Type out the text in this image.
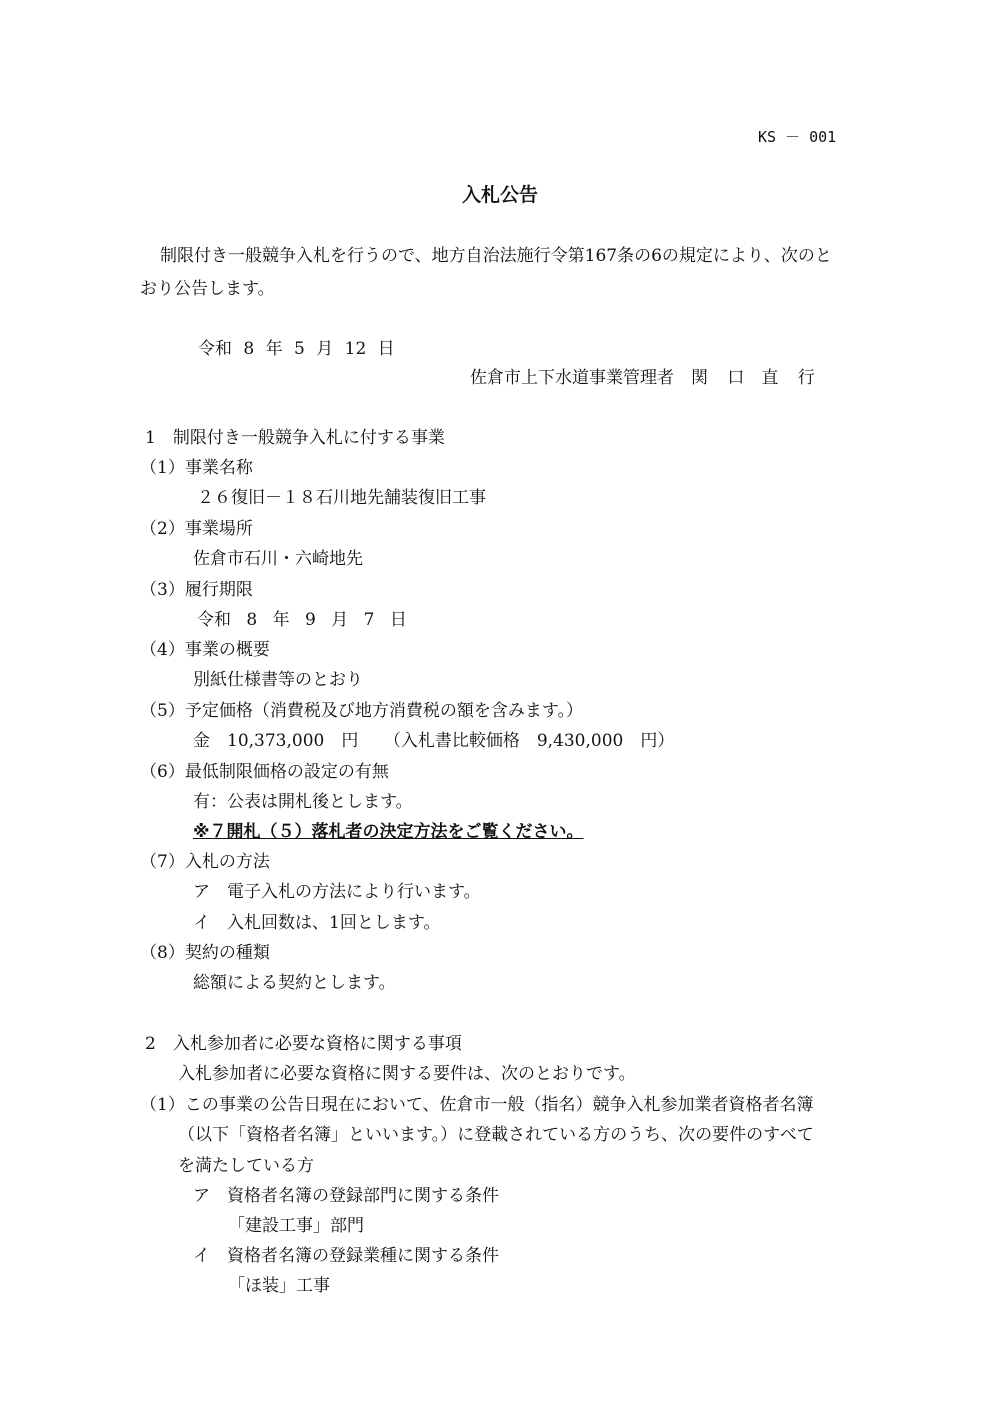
KS － 001

入札公告

制限付き一般競争入札を行うので、地方自治法施行令第167条の6の規定により、次のと

おり公告します。

令和 8 年 5 月 12 日

佐倉市上下水道事業管理者　関 口　直 行

1　制限付き一般競争入札に付する事業

（1）事業名称

２６復旧－１８石川地先舗装復旧工事

（2）事業場所

佐倉市石川・六崎地先

（3）履行期限

令和 8 年 9 月 7 日

（4）事業の概要

別紙仕様書等のとおり

（5）予定価格（消費税及び地方消費税の額を含みます。）

金　10,373,000　円　　（入札書比較価格　9,430,000　円）

（6）最低制限価格の設定の有無

有：公表は開札後とします。

※７開札（５）落札者の決定方法をご覧ください。

（7）入札の方法

ア　電子入札の方法により行います。

イ　入札回数は、1回とします。

（8）契約の種類

総額による契約とします。

2　入札参加者に必要な資格に関する事項

入札参加者に必要な資格に関する要件は、次のとおりです。

（1）この事業の公告日現在において、佐倉市一般（指名）競争入札参加業者資格者名簿

（以下「資格者名簿」といいます。）に登載されている方のうち、次の要件のすべて

を満たしている方

ア　資格者名簿の登録部門に関する条件

「建設工事」部門

イ　資格者名簿の登録業種に関する条件

「ほ装」工事
